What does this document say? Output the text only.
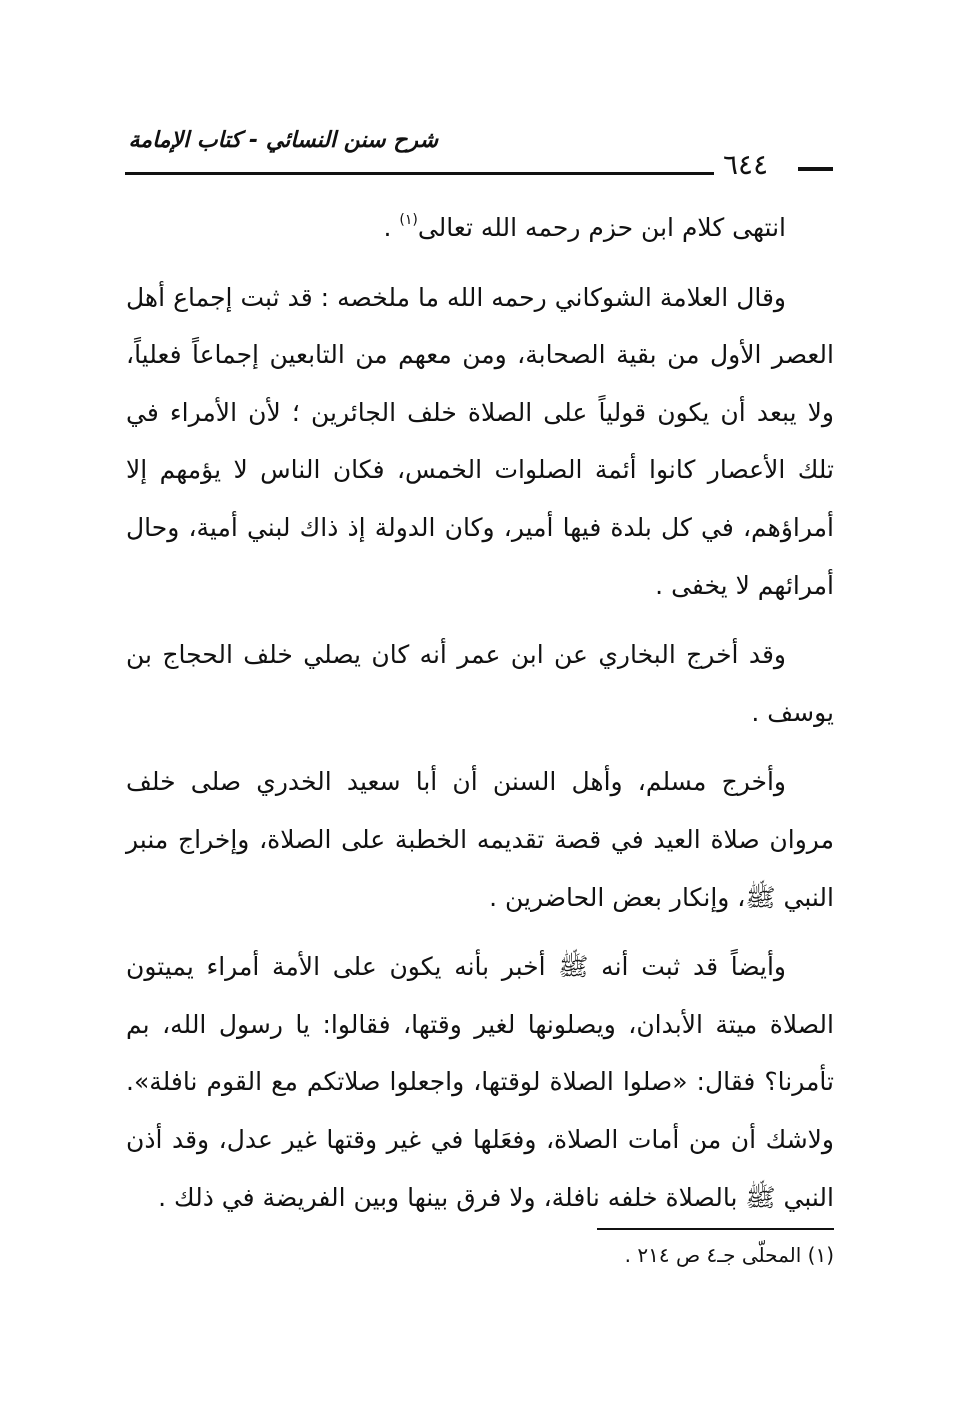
شرح سنن النسائي - كتاب الإمامة
٦٤٤

انتهى كلام ابن حزم رحمه الله تعالى$^{(١)}$ .

وقال العلامة الشوكاني رحمه الله ما ملخصه : قد ثبت إجماع أهل العصر الأول من بقية الصحابة، ومن معهم من التابعين إجماعاً فعلياً، ولا يبعد أن يكون قولياً على الصلاة خلف الجائرين ؛ لأن الأمراء في تلك الأعصار كانوا أئمة الصلوات الخمس، فكان الناس لا يؤمهم إلا أمراؤهم، في كل بلدة فيها أمير، وكان الدولة إذ ذاك لبني أمية، وحال أمرائهم لا يخفى .

وقد أخرج البخاري عن ابن عمر أنه كان يصلي خلف الحجاج بن يوسف .

وأخرج مسلم، وأهل السنن أن أبا سعيد الخدري صلى خلف مروان صلاة العيد في قصة تقديمه الخطبة على الصلاة، وإخراج منبر النبي ﷺ، وإنكار بعض الحاضرين .

وأيضاً قد ثبت أنه ﷺ أخبر بأنه يكون على الأمة أمراء يميتون الصلاة ميتة الأبدان، ويصلونها لغير وقتها، فقالوا: يا رسول الله، بم تأمرنا؟ فقال: «صلوا الصلاة لوقتها، واجعلوا صلاتكم مع القوم نافلة». ولاشك أن من أمات الصلاة، وفعَلها في غير وقتها غير عدل، وقد أذن النبي ﷺ بالصلاة خلفه نافلة، ولا فرق بينها وبين الفريضة في ذلك .

(١) المحلّى جـ٤ ص ٢١٤ .
